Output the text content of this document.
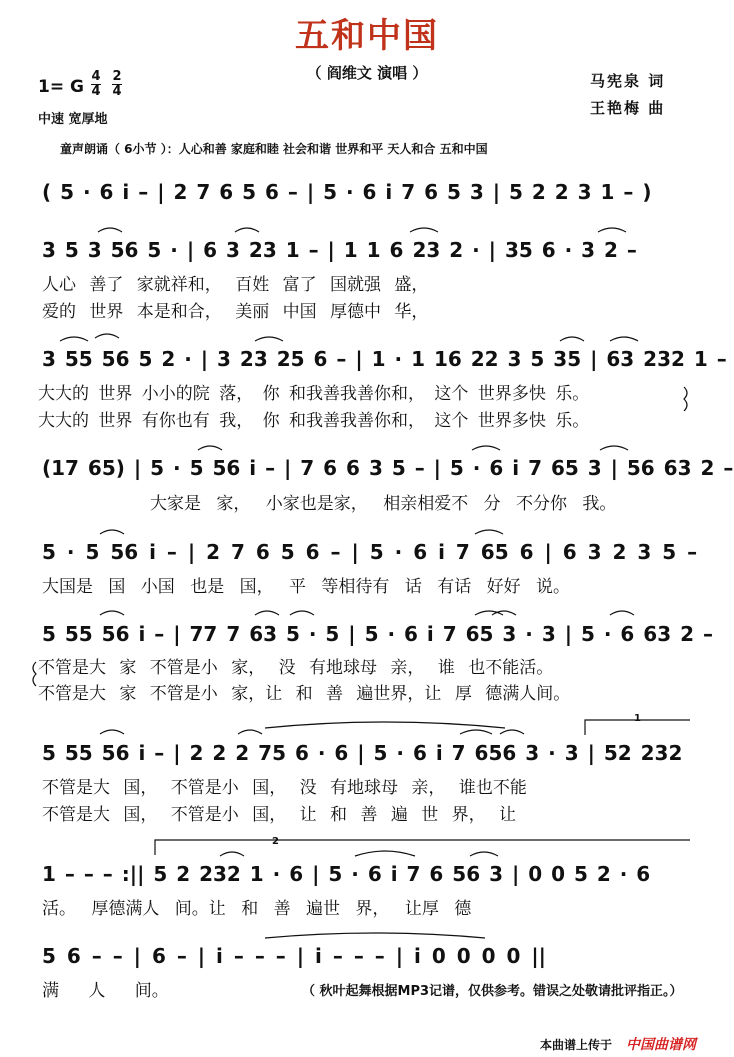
五和中国
（ 阎维文 演唱 ）
1= G
4
4
2
4
中速 宽厚地
马宪泉 词
王艳梅 曲
童声朗诵（ 6小节 ）：人心和善 家庭和睦 社会和谐 世界和平 天人和合 五和中国
( 5 · 6 i – | 2 7 6 5 6 – | 5 · 6 i 7 6 5 3 | 5 2 2 3 1 – )
3 5 3 56 5 · | 6 3 23 1 – | 1 1 6 23 2 · | 35 6 · 3 2 –
人心 善了 家就祥和， 百姓 富了 国就强 盛，
爱的 世界 本是和合， 美丽 中国 厚德中 华，
3 55 56 5 2 · | 3 23 25 6 – | 1 · 1 16 22 3 5 35 | 63 232 1 –
大大的 世界 小小的院 落， 你 和我善我善你和， 这个 世界多快 乐。
大大的 世界 有你也有 我， 你 和我善我善你和， 这个 世界多快 乐。
(17 65) | 5 · 5 56 i – | 7 6 6 3 5 – | 5 · 6 i 7 65 3 | 56 63 2 –
大家是 家， 小家也是家， 相亲相爱不 分 不分你 我。
5 · 5 56 i – | 2 7 6 5 6 – | 5 · 6 i 7 65 6 | 6 3 2 3 5 –
大国是 国 小国 也是 国， 平 等相待有 话 有话 好好 说。
5 55 56 i – | 77 7 63 5 · 5 | 5 · 6 i 7 65 3 · 3 | 5 · 6 63 2 –
不管是大 家 不管是小 家， 没 有地球母 亲， 谁 也不能活。
不管是大 家 不管是小 家，让 和 善 遍世界，让 厚 德满人间。
5 55 56 i – | 2 2 2 75 6 · 6 | 5 · 6 i 7 656 3 · 3 | 52 232
不管是大 国， 不管是小 国， 没 有地球母 亲， 谁也不能
不管是大 国， 不管是小 国， 让 和 善 遍 世 界， 让
1 – – – :|| 5 2 232 1 · 6 | 5 · 6 i 7 6 56 3 | 0 0 5 2 · 6
活。 厚德满人 间。让 和 善 遍世 界， 让厚 德
5 6 – – | 6 – | i – – – | i – – – | i 0 0 0 0 ||
满 人 间。	（ 秋叶起舞根据MP3记谱，仅供参考。错误之处敬请批评指正。）
1
2
本曲谱上传于 中国曲谱网
